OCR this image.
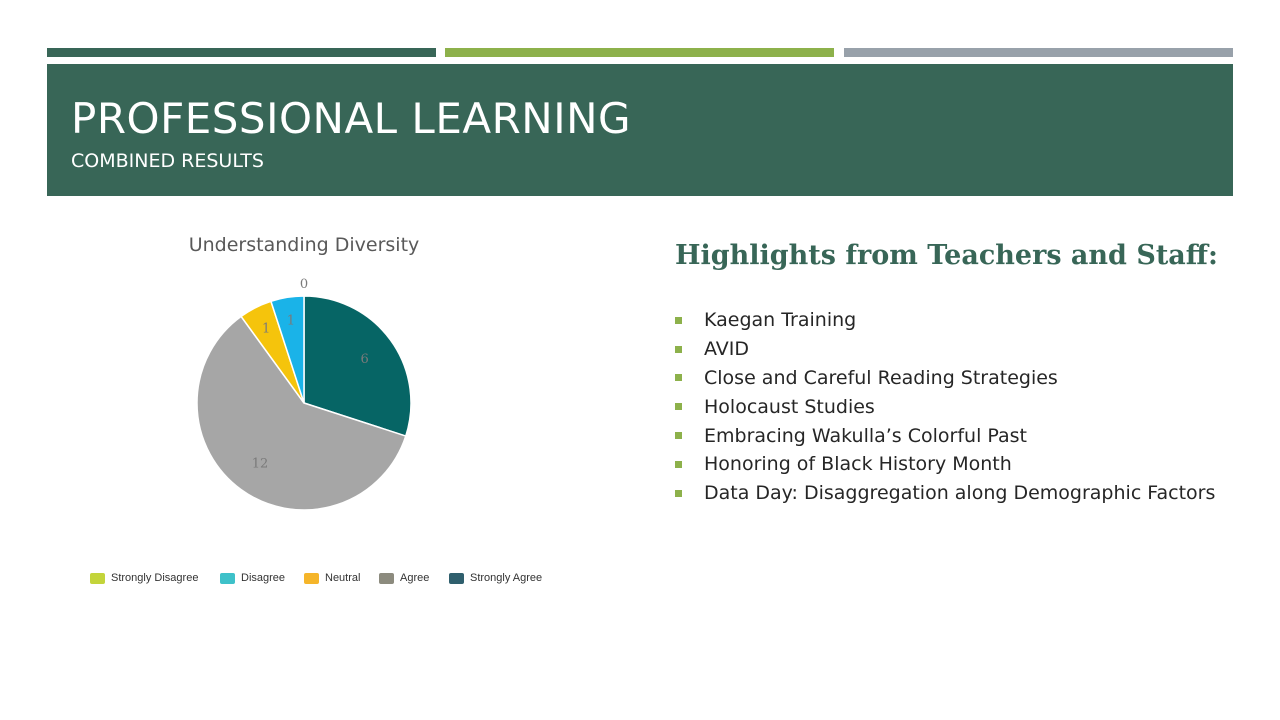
PROFESSIONAL LEARNING
COMBINED RESULTS
Understanding Diversity
6
12
1
1
0
Strongly Disagree	Disagree	Neutral	Agree	Strongly Agree
Highlights from Teachers and Staff:
Kaegan Training
AVID
Close and Careful Reading Strategies
Holocaust Studies
Embracing Wakulla’s Colorful Past
Honoring of Black History Month
Data Day: Disaggregation along Demographic Factors
